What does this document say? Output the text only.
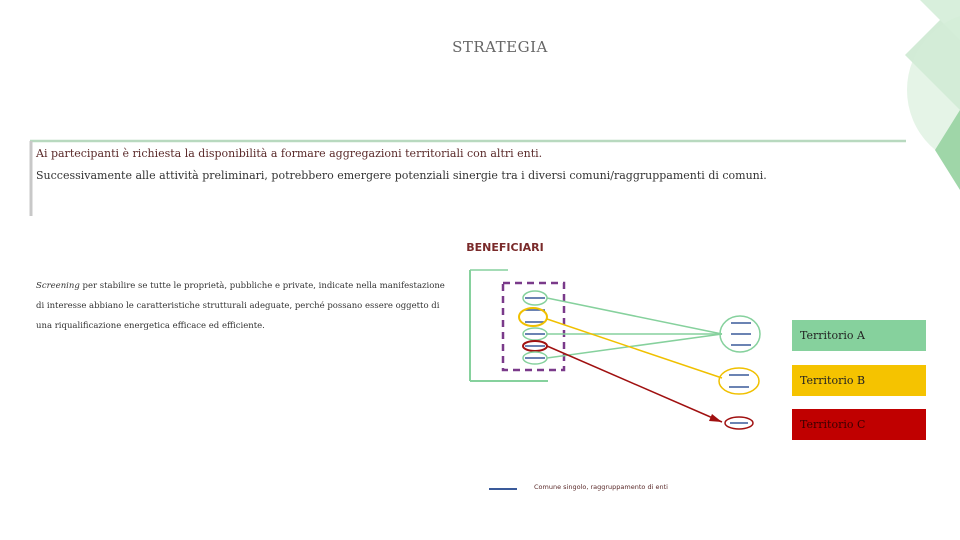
STRATEGIA
Ai partecipanti è richiesta la disponibilità a formare aggregazioni territoriali con altri enti.
Successivamente alle attività preliminari, potrebbero emergere potenziali sinergie tra i diversi comuni/raggruppamenti di comuni.
BENEFICIARI
Screening per stabilire se tutte le proprietà, pubbliche e private, indicate nella manifestazione di interesse abbiano le caratteristiche strutturali adeguate, perché possano essere oggetto di una riqualificazione energetica efficace ed efficiente.
Territorio A
Territorio B
Territorio C
Comune singolo, raggruppamento di enti
